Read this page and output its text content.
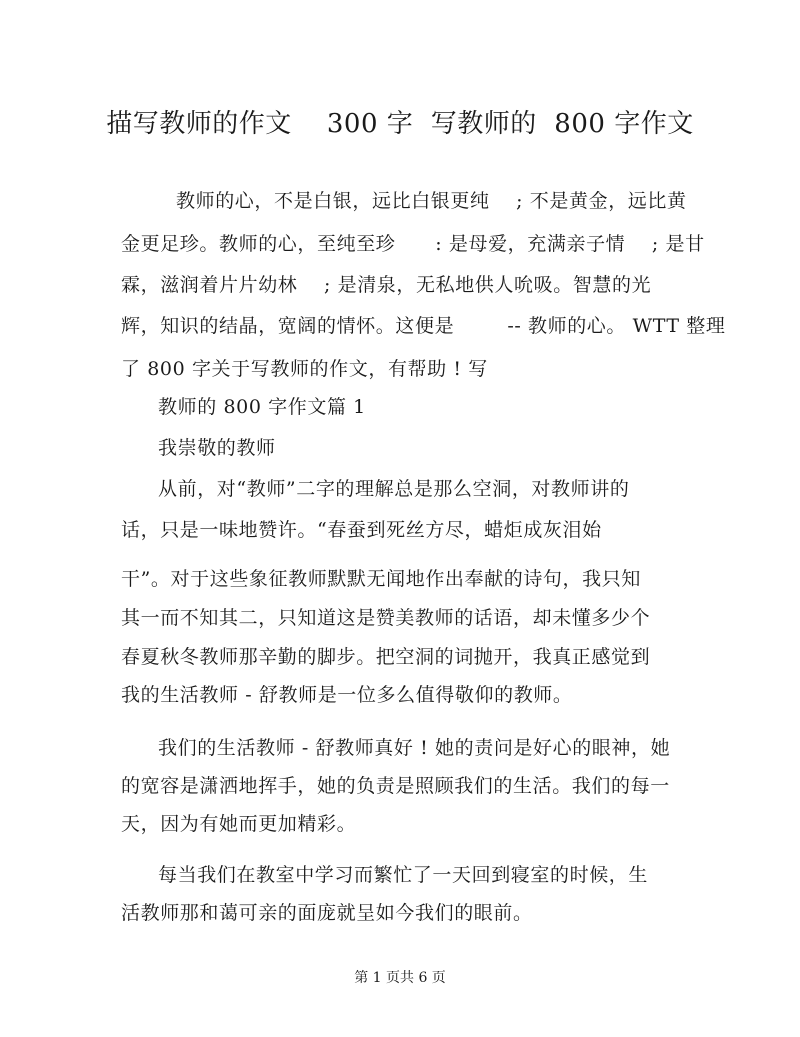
描写教师的作文    300 字  写教师的  800 字作文
教师的心，不是白银，远比白银更纯    ; 不是黄金，远比黄
金更足珍。教师的心，至纯至珍      : 是母爱，充满亲子情    ; 是甘
霖，滋润着片片幼林    ; 是清泉，无私地供人吮吸。智慧的光
辉，知识的结晶，宽阔的情怀。这便是        -- 教师的心。 WTT 整理
了 800 字关于写教师的作文，有帮助 ! 写
教师的 800 字作文篇 1
我崇敬的教师
从前，对“教师”二字的理解总是那么空洞，对教师讲的
话，只是一味地赞许。“春蚕到死丝方尽，蜡炬成灰泪始
干”。对于这些象征教师默默无闻地作出奉献的诗句，我只知
其一而不知其二，只知道这是赞美教师的话语，却未懂多少个
春夏秋冬教师那辛勤的脚步。把空洞的词抛开，我真正感觉到
我的生活教师 - 舒教师是一位多么值得敬仰的教师。
我们的生活教师 - 舒教师真好 ! 她的责问是好心的眼神，她
的宽容是潇洒地挥手，她的负责是照顾我们的生活。我们的每一
天，因为有她而更加精彩。
每当我们在教室中学习而繁忙了一天回到寝室的时候，生
活教师那和蔼可亲的面庞就呈如今我们的眼前。
第 1 页共 6 页
